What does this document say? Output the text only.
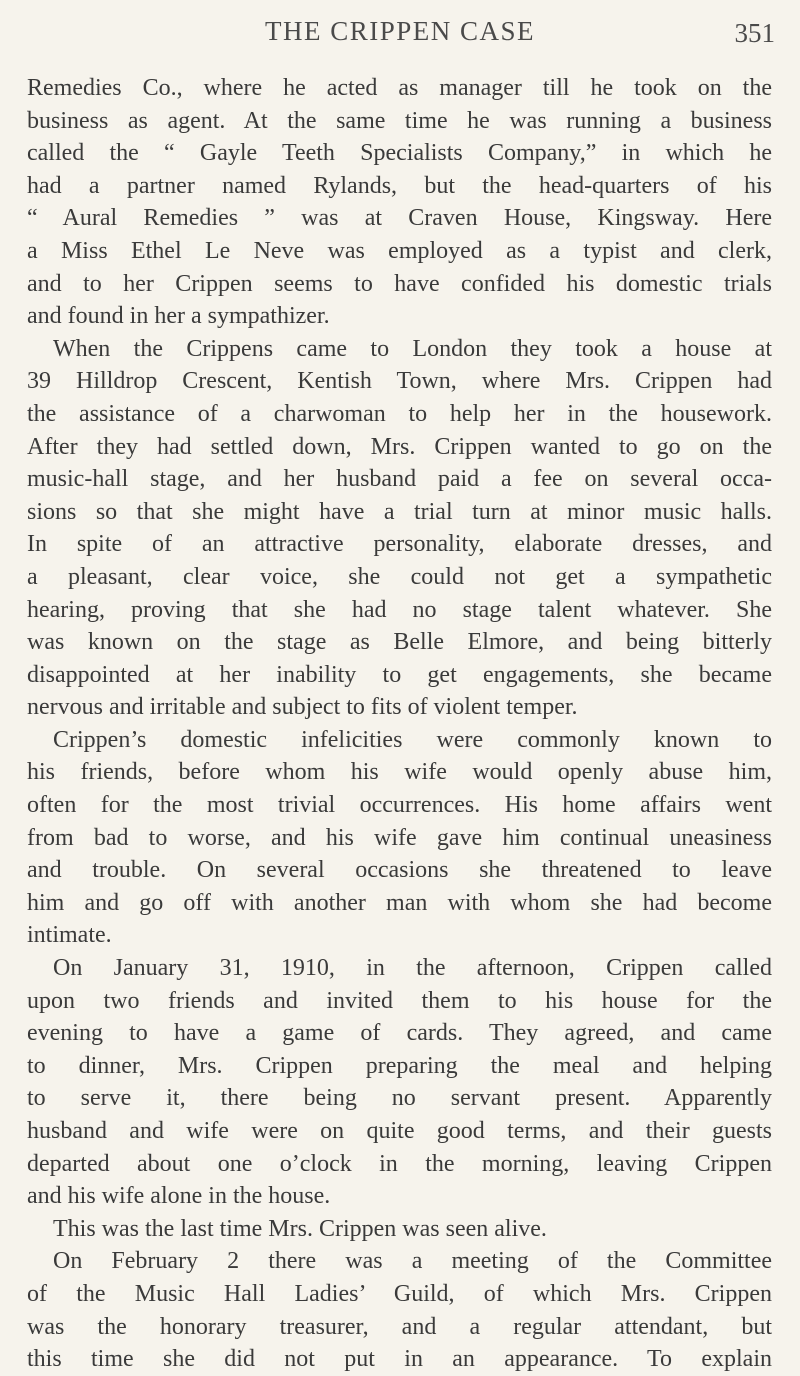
THE CRIPPEN CASE	351
Remedies Co., where he acted as manager till he took on the
business as agent. At the same time he was running a business
called the “ Gayle Teeth Specialists Company,” in which he
had a partner named Rylands, but the head-quarters of his
“ Aural Remedies ” was at Craven House, Kingsway. Here
a Miss Ethel Le Neve was employed as a typist and clerk,
and to her Crippen seems to have confided his domestic trials
and found in her a sympathizer.
When the Crippens came to London they took a house at
39 Hilldrop Crescent, Kentish Town, where Mrs. Crippen had
the assistance of a charwoman to help her in the housework.
After they had settled down, Mrs. Crippen wanted to go on the
music-hall stage, and her husband paid a fee on several occa-
sions so that she might have a trial turn at minor music halls.
In spite of an attractive personality, elaborate dresses, and
a pleasant, clear voice, she could not get a sympathetic
hearing, proving that she had no stage talent whatever. She
was known on the stage as Belle Elmore, and being bitterly
disappointed at her inability to get engagements, she became
nervous and irritable and subject to fits of violent temper.
Crippen’s domestic infelicities were commonly known to
his friends, before whom his wife would openly abuse him,
often for the most trivial occurrences. His home affairs went
from bad to worse, and his wife gave him continual uneasiness
and trouble. On several occasions she threatened to leave
him and go off with another man with whom she had become
intimate.
On January 31, 1910, in the afternoon, Crippen called
upon two friends and invited them to his house for the
evening to have a game of cards. They agreed, and came
to dinner, Mrs. Crippen preparing the meal and helping
to serve it, there being no servant present. Apparently
husband and wife were on quite good terms, and their guests
departed about one o’clock in the morning, leaving Crippen
and his wife alone in the house.
This was the last time Mrs. Crippen was seen alive.
On February 2 there was a meeting of the Committee
of the Music Hall Ladies’ Guild, of which Mrs. Crippen
was the honorary treasurer, and a regular attendant, but
this time she did not put in an appearance. To explain
